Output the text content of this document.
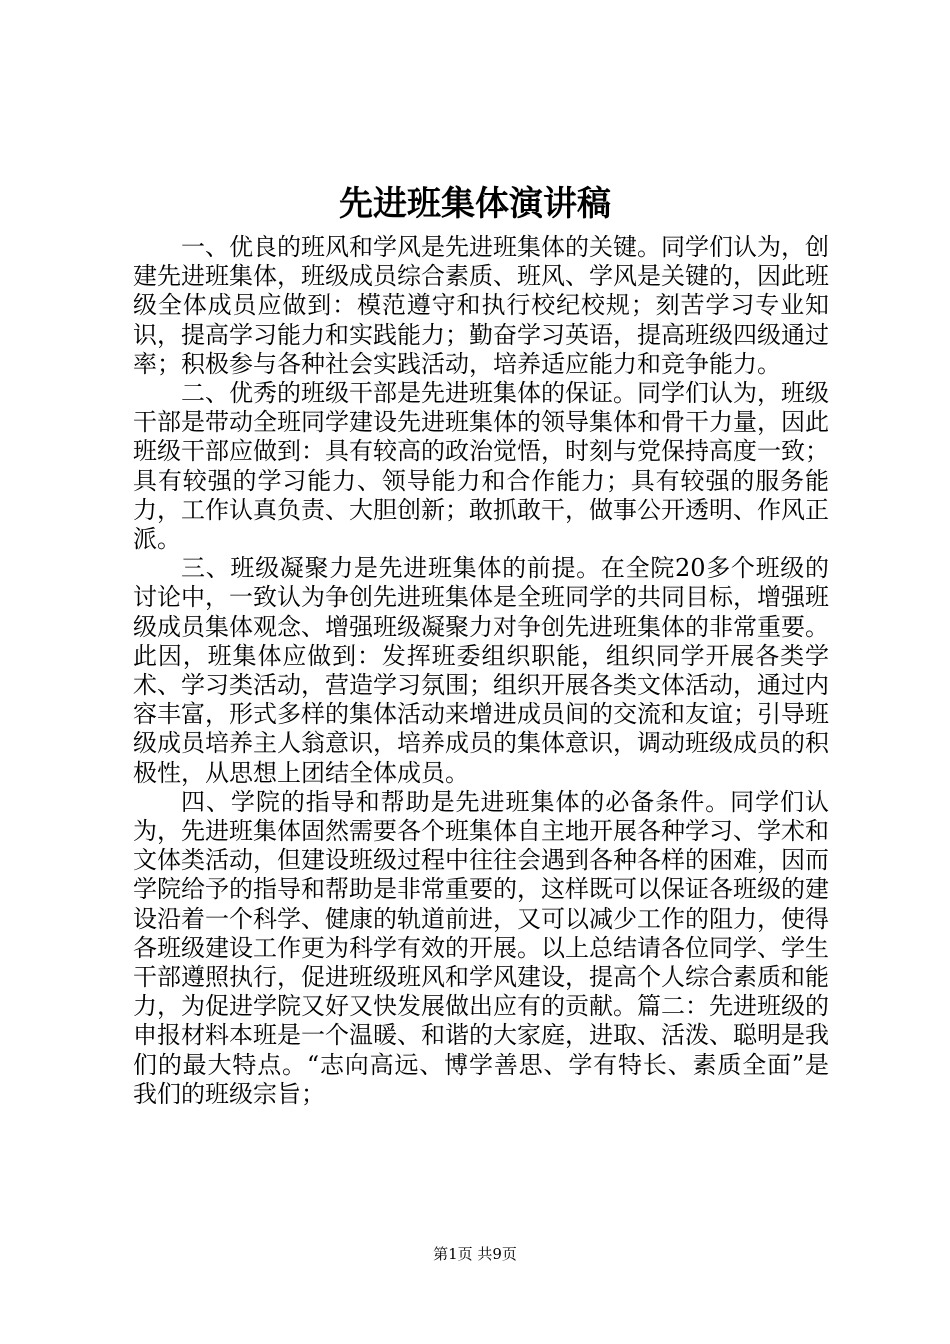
先进班集体演讲稿

一、优良的班风和学风是先进班集体的关键。同学们认为，创建先进班集体，班级成员综合素质、班风、学风是关键的，因此班级全体成员应做到：模范遵守和执行校纪校规；刻苦学习专业知识，提高学习能力和实践能力；勤奋学习英语，提高班级四级通过率；积极参与各种社会实践活动，培养适应能力和竞争能力。

二、优秀的班级干部是先进班集体的保证。同学们认为，班级干部是带动全班同学建设先进班集体的领导集体和骨干力量，因此班级干部应做到：具有较高的政治觉悟，时刻与党保持高度一致；具有较强的学习能力、领导能力和合作能力；具有较强的服务能力，工作认真负责、大胆创新；敢抓敢干，做事公开透明、作风正派。

三、班级凝聚力是先进班集体的前提。在全院20多个班级的讨论中，一致认为争创先进班集体是全班同学的共同目标，增强班级成员集体观念、增强班级凝聚力对争创先进班集体的非常重要。此因，班集体应做到：发挥班委组织职能，组织同学开展各类学术、学习类活动，营造学习氛围；组织开展各类文体活动，通过内容丰富，形式多样的集体活动来增进成员间的交流和友谊；引导班级成员培养主人翁意识，培养成员的集体意识，调动班级成员的积极性，从思想上团结全体成员。

四、学院的指导和帮助是先进班集体的必备条件。同学们认为，先进班集体固然需要各个班集体自主地开展各种学习、学术和文体类活动，但建设班级过程中往往会遇到各种各样的困难，因而学院给予的指导和帮助是非常重要的，这样既可以保证各班级的建设沿着一个科学、健康的轨道前进，又可以减少工作的阻力，使得各班级建设工作更为科学有效的开展。以上总结请各位同学、学生干部遵照执行，促进班级班风和学风建设，提高个人综合素质和能力，为促进学院又好又快发展做出应有的贡献。篇二：先进班级的申报材料本班是一个温暖、和谐的大家庭，进取、活泼、聪明是我们的最大特点。“志向高远、博学善思、学有特长、素质全面”是我们的班级宗旨；

第1页 共9页
